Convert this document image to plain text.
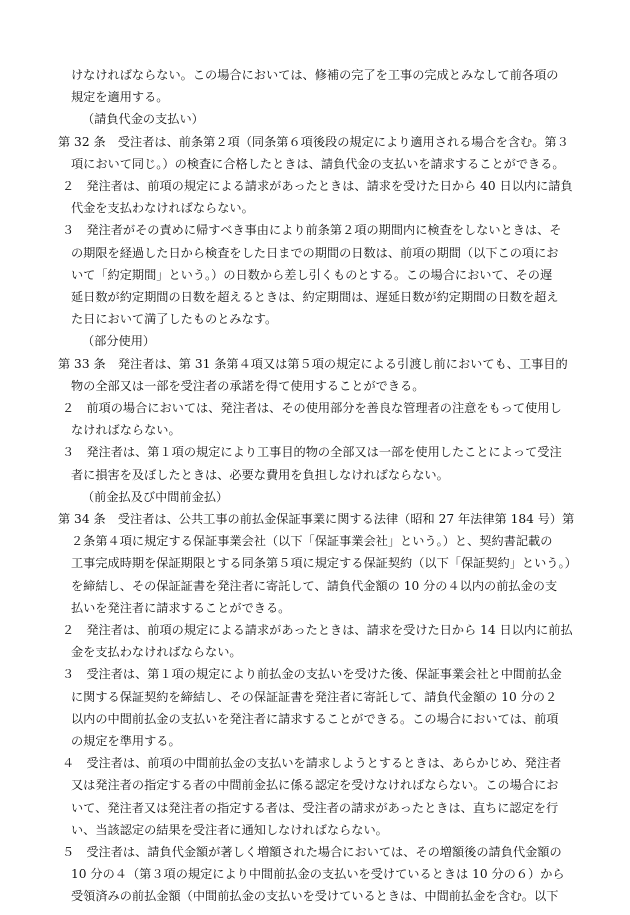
けなければならない。この場合においては、修補の完了を工事の完成とみなして前各項の
規定を適用する。
（請負代金の支払い）
第 32 条　受注者は、前条第２項（同条第６項後段の規定により適用される場合を含む。第３
項において同じ。）の検査に合格したときは、請負代金の支払いを請求することができる。
２　発注者は、前項の規定による請求があったときは、請求を受けた日から 40 日以内に請負
代金を支払わなければならない。
３　発注者がその責めに帰すべき事由により前条第２項の期間内に検査をしないときは、そ
の期限を経過した日から検査をした日までの期間の日数は、前項の期間（以下この項にお
いて「約定期間」という。）の日数から差し引くものとする。この場合において、その遅
延日数が約定期間の日数を超えるときは、約定期間は、遅延日数が約定期間の日数を超え
た日において満了したものとみなす。
（部分使用）
第 33 条　発注者は、第 31 条第４項又は第５項の規定による引渡し前においても、工事目的
物の全部又は一部を受注者の承諾を得て使用することができる。
２　前項の場合においては、発注者は、その使用部分を善良な管理者の注意をもって使用し
なければならない。
３　発注者は、第１項の規定により工事目的物の全部又は一部を使用したことによって受注
者に損害を及ぼしたときは、必要な費用を負担しなければならない。
（前金払及び中間前金払）
第 34 条　受注者は、公共工事の前払金保証事業に関する法律（昭和 27 年法律第 184 号）第
２条第４項に規定する保証事業会社（以下「保証事業会社」という。）と、契約書記載の
工事完成時期を保証期限とする同条第５項に規定する保証契約（以下「保証契約」という。）
を締結し、その保証証書を発注者に寄託して、請負代金額の 10 分の４以内の前払金の支
払いを発注者に請求することができる。
２　発注者は、前項の規定による請求があったときは、請求を受けた日から 14 日以内に前払
金を支払わなければならない。
３　受注者は、第１項の規定により前払金の支払いを受けた後、保証事業会社と中間前払金
に関する保証契約を締結し、その保証証書を発注者に寄託して、請負代金額の 10 分の２
以内の中間前払金の支払いを発注者に請求することができる。この場合においては、前項
の規定を準用する。
４　受注者は、前項の中間前払金の支払いを請求しようとするときは、あらかじめ、発注者
又は発注者の指定する者の中間前金払に係る認定を受けなければならない。この場合にお
いて、発注者又は発注者の指定する者は、受注者の請求があったときは、直ちに認定を行
い、当該認定の結果を受注者に通知しなければならない。
５　受注者は、請負代金額が著しく増額された場合においては、その増額後の請負代金額の
10 分の４（第３項の規定により中間前払金の支払いを受けているときは 10 分の６）から
受領済みの前払金額（中間前払金の支払いを受けているときは、中間前払金を含む。以下
